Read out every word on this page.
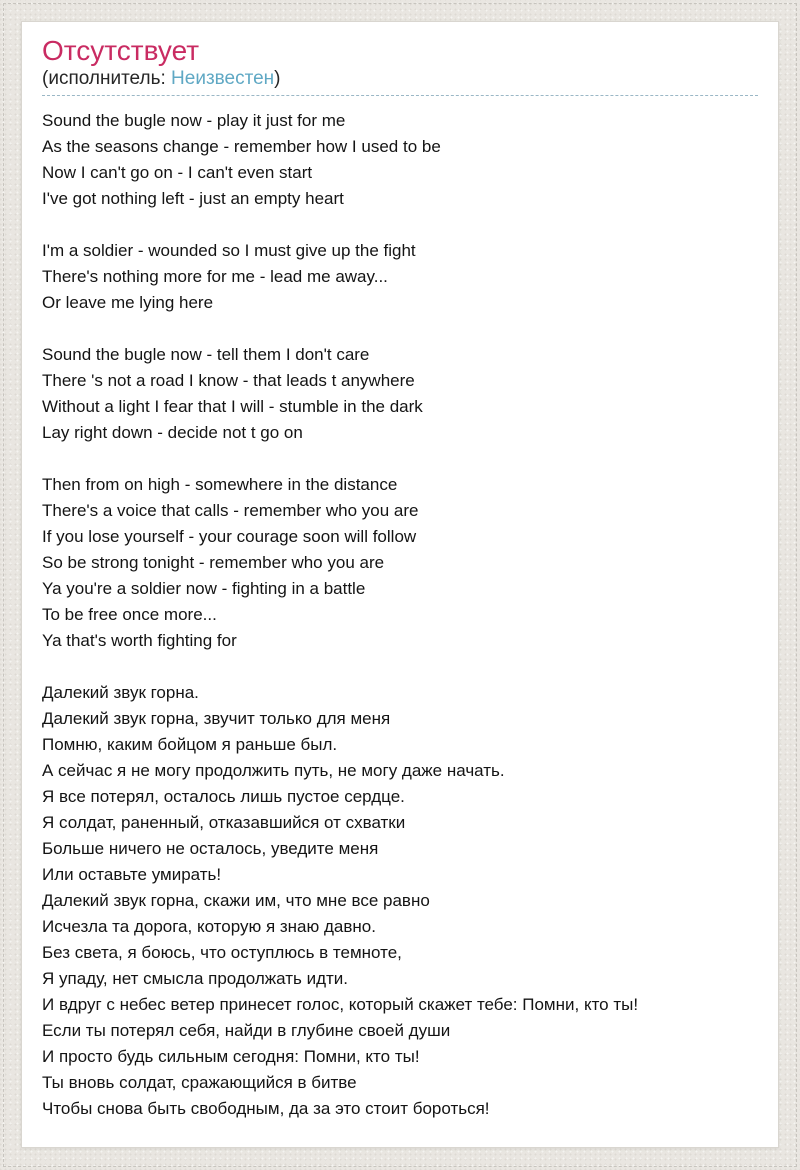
Отсутствует
(исполнитель: Неизвестен)
Sound the bugle now - play it just for me
As the seasons change - remember how I used to be
Now I can't go on - I can't even start
I've got nothing left - just an empty heart
I'm a soldier - wounded so I must give up the fight
There's nothing more for me - lead me away...
Or leave me lying here
Sound the bugle now - tell them I don't care
There 's not a road I know - that leads t anywhere
Without a light I fear that I will - stumble in the dark
Lay right down - decide not t go on
Then from on high - somewhere in the distance
There's a voice that calls - remember who you are
If you lose yourself - your courage soon will follow
So be strong tonight - remember who you are
Ya you're a soldier now - fighting in a battle
To be free once more...
Ya that's worth fighting for
Далекий звук горна.
Далекий звук горна, звучит только для меня
Помню, каким бойцом я раньше был.
А сейчас я не могу продолжить путь, не могу даже начать.
Я все потерял, осталось лишь пустое сердце.
Я солдат, раненный, отказавшийся от схватки
Больше ничего не осталось, уведите меня
Или оставьте умирать!
Далекий звук горна, скажи им, что мне все равно
Исчезла та дорога, которую я знаю давно.
Без света, я боюсь, что оступлюсь в темноте,
Я упаду, нет смысла продолжать идти.
И вдруг с небес ветер принесет голос, который скажет тебе: Помни, кто ты!
Если ты потерял себя, найди в глубине своей души
И просто будь сильным сегодня: Помни, кто ты!
Ты вновь солдат, сражающийся в битве
Чтобы снова быть свободным, да за это стоит бороться!
